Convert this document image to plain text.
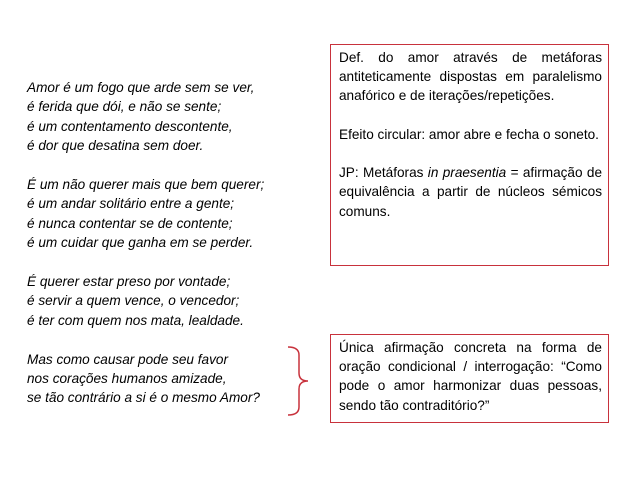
Amor é um fogo que arde sem se ver,
é ferida que dói, e não se sente;
é um contentamento descontente,
é dor que desatina sem doer.
É um não querer mais que bem querer;
é um andar solitário entre a gente;
é nunca contentar se de contente;
é um cuidar que ganha em se perder.
É querer estar preso por vontade;
é servir a quem vence, o vencedor;
é ter com quem nos mata, lealdade.
Mas como causar pode seu favor
nos corações humanos amizade,
se tão contrário a si é o mesmo Amor?

Def. do amor através de metáforas antiteticamente dispostas em paralelismo anafórico e de iterações/repetições.

Efeito circular: amor abre e fecha o soneto.

JP: Metáforas in praesentia = afirmação de equivalência a partir de núcleos sémicos comuns.

Única afirmação concreta na forma de oração condicional / interrogação: “Como pode o amor harmonizar duas pessoas, sendo tão contraditório?”
